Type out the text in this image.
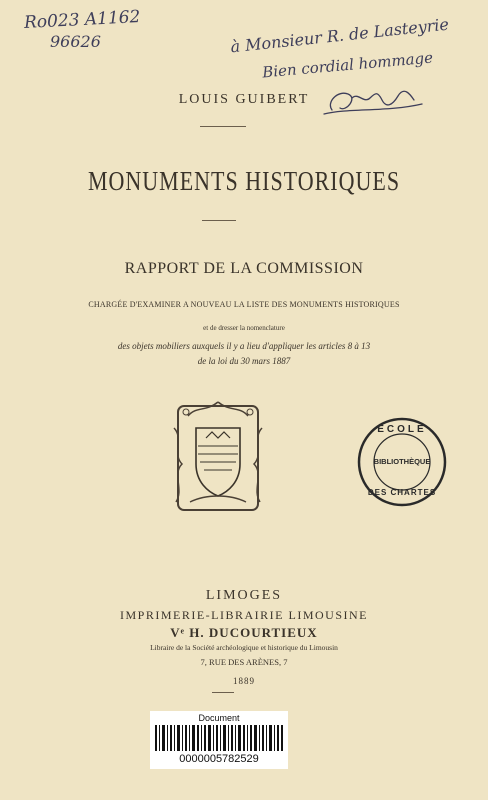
Ro023 A1162
96626	à Monsieur R. de Lasteyrie
Bien cordial hommage
LOUIS GUIBERT
MONUMENTS HISTORIQUES
RAPPORT DE LA COMMISSION
CHARGÉE D'EXAMINER A NOUVEAU LA LISTE DES MONUMENTS HISTORIQUES
et de dresser la nomenclature
des objets mobiliers auxquels il y a lieu d'appliquer les articles 8 à 13
de la loi du 30 mars 1887
ECOLE
BIBLIOTHÈQUE
DES CHARTES
LIMOGES
IMPRIMERIE-LIBRAIRIE LIMOUSINE
Vᵉ H. DUCOURTIEUX
Libraire de la Société archéologique et historique du Limousin
7, RUE DES ARÈNES, 7
1889
Document
0000005782529
